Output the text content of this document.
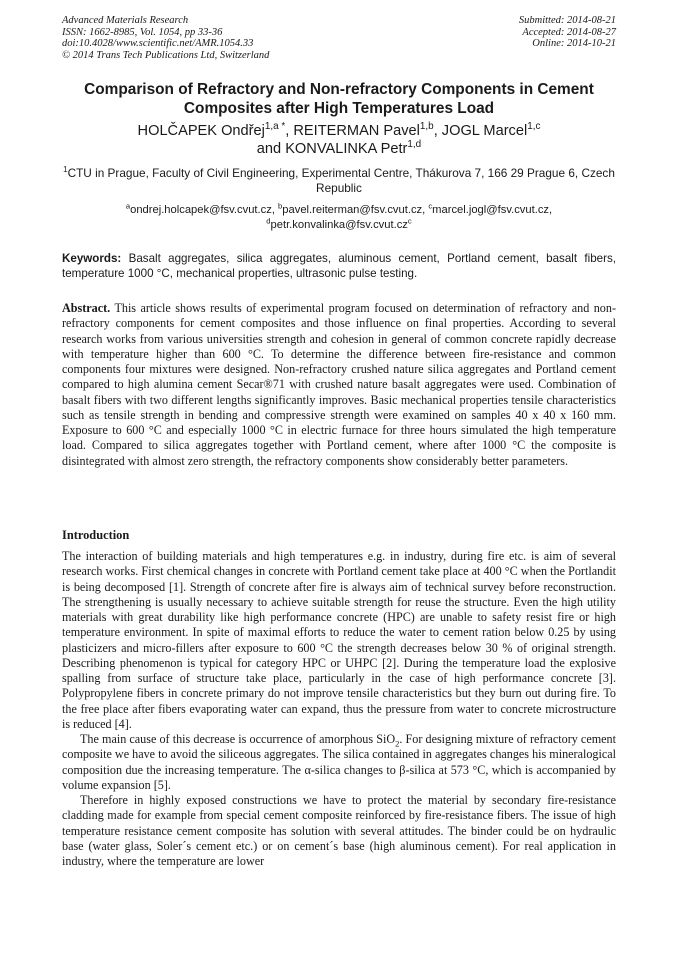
Advanced Materials Research
ISSN: 1662-8985, Vol. 1054, pp 33-36
doi:10.4028/www.scientific.net/AMR.1054.33
© 2014 Trans Tech Publications Ltd, Switzerland
Submitted: 2014-08-21
Accepted: 2014-08-27
Online: 2014-10-21
Comparison of Refractory and Non-refractory Components in Cement Composites after High Temperatures Load
HOLČAPEK Ondřej$^{1,a *}$, REITERMAN Pavel$^{1,b}$, JOGL Marcel$^{1,c}$
and KONVALINKA Petr$^{1,d}$
$^1$CTU in Prague, Faculty of Civil Engineering, Experimental Centre, Thákurova 7, 166 29 Prague 6, Czech Republic
$^a$ondrej.holcapek@fsv.cvut.cz, $^b$pavel.reiterman@fsv.cvut.cz, $^c$marcel.jogl@fsv.cvut.cz,
$^dpetr.konvalinka@fsv.cvut.cz^c$
Keywords: Basalt aggregates, silica aggregates, aluminous cement, Portland cement, basalt fibers, temperature 1000 °C, mechanical properties, ultrasonic pulse testing.
Abstract. This article shows results of experimental program focused on determination of refractory and non-refractory components for cement composites and those influence on final properties. According to several research works from various universities strength and cohesion in general of common concrete rapidly decrease with temperature higher than 600 °C. To determine the difference between fire-resistance and common components four mixtures were designed. Non-refractory crushed nature silica aggregates and Portland cement compared to high alumina cement Secar®71 with crushed nature basalt aggregates were used. Combination of basalt fibers with two different lengths significantly improves. Basic mechanical properties tensile characteristics such as tensile strength in bending and compressive strength were examined on samples 40 x 40 x 160 mm. Exposure to 600 °C and especially 1000 °C in electric furnace for three hours simulated the high temperature load. Compared to silica aggregates together with Portland cement, where after 1000 °C the composite is disintegrated with almost zero strength, the refractory components show considerably better parameters.
Introduction

The interaction of building materials and high temperatures e.g. in industry, during fire etc. is aim of several research works. First chemical changes in concrete with Portland cement take place at 400 °C when the Portlandit is being decomposed [1]. Strength of concrete after fire is always aim of technical survey before reconstruction. The strengthening is usually necessary to achieve suitable strength for reuse the structure. Even the high utility materials with great durability like high performance concrete (HPC) are unable to safety resist fire or high temperature environment. In spite of maximal efforts to reduce the water to cement ration below 0.25 by using plasticizers and micro-fillers after exposure to 600 °C the strength decreases below 30 % of original strength. Describing phenomenon is typical for category HPC or UHPC [2]. During the temperature load the explosive spalling from surface of structure take place, particularly in the case of high performance concrete [3]. Polypropylene fibers in concrete primary do not improve tensile characteristics but they burn out during fire. To the free place after fibers evaporating water can expand, thus the pressure from water to concrete microstructure is reduced [4].

The main cause of this decrease is occurrence of amorphous SiO$_2$. For designing mixture of refractory cement composite we have to avoid the siliceous aggregates. The silica contained in aggregates changes his mineralogical composition due the increasing temperature. The α-silica changes to β-silica at 573 °C, which is accompanied by volume expansion [5].

Therefore in highly exposed constructions we have to protect the material by secondary fire-resistance cladding made for example from special cement composite reinforced by fire-resistance fibers. The issue of high temperature resistance cement composite has solution with several attitudes. The binder could be on hydraulic base (water glass, Soler´s cement etc.) or on cement´s base (high aluminous cement). For real application in industry, where the temperature are lower
